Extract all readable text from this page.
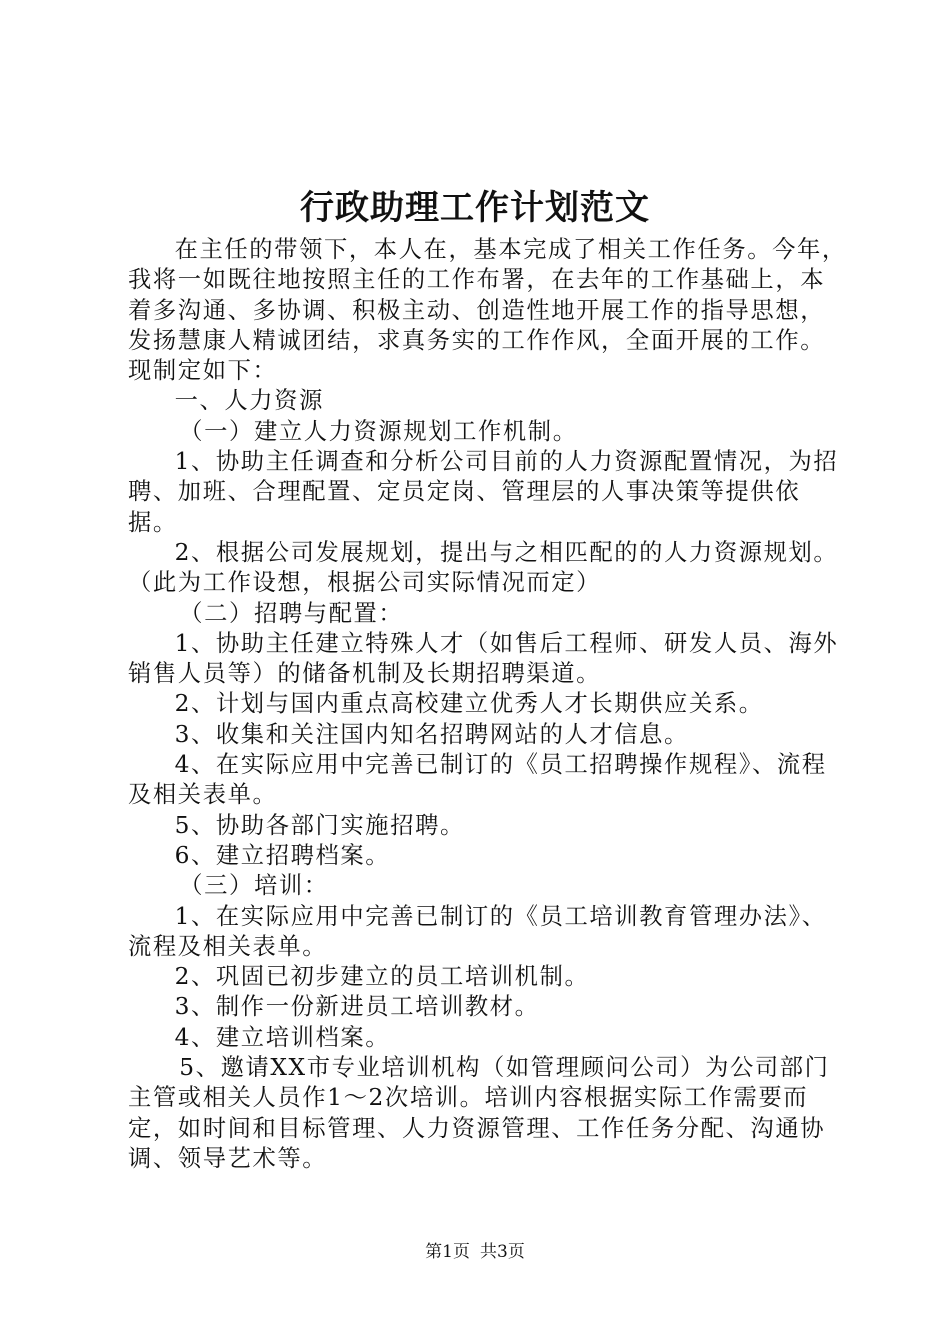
行政助理工作计划范文

在主任的带领下，本人在，基本完成了相关工作任务。今年，我将一如既往地按照主任的工作布署，在去年的工作基础上，本着多沟通、多协调、积极主动、创造性地开展工作的指导思想，发扬慧康人精诚团结，求真务实的工作作风，全面开展的工作。现制定如下：

一、人力资源

（一）建立人力资源规划工作机制。

1、协助主任调查和分析公司目前的人力资源配置情况，为招聘、加班、合理配置、定员定岗、管理层的人事决策等提供依据。

2、根据公司发展规划，提出与之相匹配的的人力资源规划。（此为工作设想，根据公司实际情况而定）

（二）招聘与配置：

1、协助主任建立特殊人才（如售后工程师、研发人员、海外销售人员等）的储备机制及长期招聘渠道。

2、计划与国内重点高校建立优秀人才长期供应关系。

3、收集和关注国内知名招聘网站的人才信息。

4、在实际应用中完善已制订的《员工招聘操作规程》、流程及相关表单。

5、协助各部门实施招聘。

6、建立招聘档案。

（三）培训：

1、在实际应用中完善已制订的《员工培训教育管理办法》、流程及相关表单。

2、巩固已初步建立的员工培训机制。

3、制作一份新进员工培训教材。

4、建立培训档案。

5、邀请XX市专业培训机构（如管理顾问公司）为公司部门主管或相关人员作1～2次培训。培训内容根据实际工作需要而定，如时间和目标管理、人力资源管理、工作任务分配、沟通协调、领导艺术等。

第1页 共3页
